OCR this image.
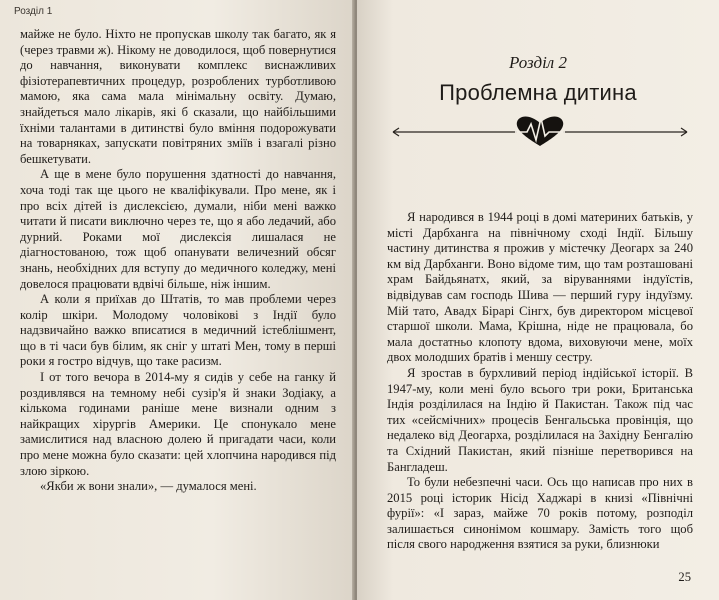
Розділ 1

майже не було. Ніхто не пропускав школу так багато, як я (через травми ж). Нікому не доводилося, щоб повернутися до навчання, виконувати комплекс виснажливих фізіотерапевтичних процедур, розроблених турботливою мамою, яка сама мала мінімальну освіту. Думаю, знайдеться мало лікарів, які б сказали, що найбільшими їхніми талантами в дитинстві було вміння подорожувати на товарняках, запускати повітряних зміїв і взагалі різно бешкетувати.

А ще в мене було порушення здатності до навчання, хоча тоді так ще цього не кваліфікували. Про мене, як і про всіх дітей із дислексією, думали, ніби мені важко читати й писати виключно через те, що я або ледачий, або дурний. Роками мої дислексія лишалася не діагностованою, тож щоб опанувати величезний обсяг знань, необхідних для вступу до медичного коледжу, мені довелося працювати вдвічі більше, ніж іншим.

А коли я приїхав до Штатів, то мав проблеми через колір шкіри. Молодому чоловікові з Індії було надзвичайно важко вписатися в медичний істеблішмент, що в ті часи був білим, як сніг у штаті Мен, тому в перші роки я гостро відчув, що таке расизм.

І от того вечора в 2014-му я сидів у себе на ганку й роздивлявся на темному небі сузір'я й знаки Зодіаку, а кількома годинами раніше мене визнали одним з найкращих хірургів Америки. Це спонукало мене замислитися над власною долею й пригадати часи, коли про мене можна було сказати: цей хлопчина народився під злою зіркою.

«Якби ж вони знали», — думалося мені.

Розділ 2
Проблемна дитина

Я народився в 1944 році в домі материних батьків, у місті Дарбханга на північному сході Індії. Більшу частину дитинства я прожив у містечку Деогарх за 240 км від Дарбханги. Воно відоме тим, що там розташовані храм Байдьянатх, який, за віруваннями індуїстів, відвідував сам господь Шива — перший гуру індуїзму. Мій тато, Авадх Бірарі Сінгх, був директором місцевої старшої школи. Мама, Крішна, ніде не працювала, бо мала достатньо клопоту вдома, виховуючи мене, моїх двох молодших братів і меншу сестру.

Я зростав в бурхливий період індійської історії. В 1947-му, коли мені було всього три роки, Британська Індія розділилася на Індію й Пакистан. Також під час тих «сейсмічних» процесів Бенгальська провінція, що недалеко від Деогарха, розділилася на Західну Бенгалію та Східний Пакистан, який пізніше перетворився на Бангладеш.

То були небезпечні часи. Ось що написав про них в 2015 році історик Нісід Хаджарі в книзі «Північні фурії»: «І зараз, майже 70 років потому, розподіл залишається синонімом кошмару. Замість того щоб після свого народження взятися за руки, близнюки

25
